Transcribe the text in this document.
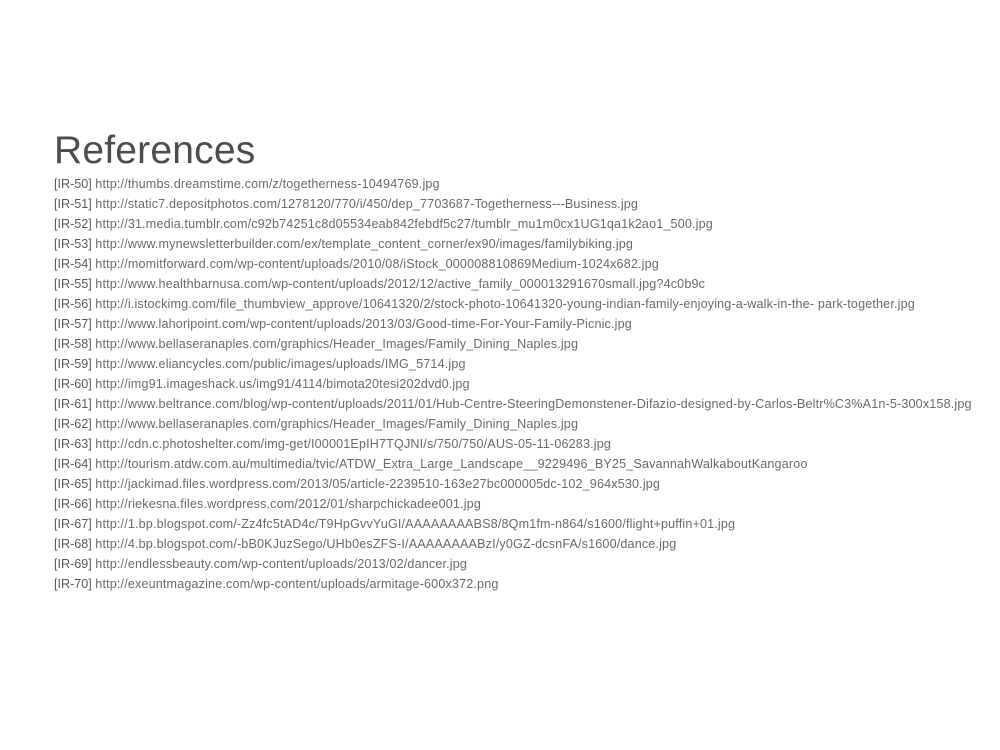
References
[IR-50] http://thumbs.dreamstime.com/z/togetherness-10494769.jpg
[IR-51] http://static7.depositphotos.com/1278120/770/i/450/dep_7703687-Togetherness---Business.jpg
[IR-52] http://31.media.tumblr.com/c92b74251c8d05534eab842febdf5c27/tumblr_mu1m0cx1UG1qa1k2ao1_500.jpg
[IR-53] http://www.mynewsletterbuilder.com/ex/template_content_corner/ex90/images/familybiking.jpg
[IR-54] http://momitforward.com/wp-content/uploads/2010/08/iStock_000008810869Medium-1024x682.jpg
[IR-55] http://www.healthbarnusa.com/wp-content/uploads/2012/12/active_family_000013291670small.jpg?4c0b9c
[IR-56] http://i.istockimg.com/file_thumbview_approve/10641320/2/stock-photo-10641320-young-indian-family-enjoying-a-walk-in-the- park-together.jpg
[IR-57] http://www.lahoripoint.com/wp-content/uploads/2013/03/Good-time-For-Your-Family-Picnic.jpg
[IR-58] http://www.bellaseranaples.com/graphics/Header_Images/Family_Dining_Naples.jpg
[IR-59] http://www.eliancycles.com/public/images/uploads/IMG_5714.jpg
[IR-60] http://img91.imageshack.us/img91/4114/bimota20tesi202dvd0.jpg
[IR-61] http://www.beltrance.com/blog/wp-content/uploads/2011/01/Hub-Centre-SteeringDemonstener-Difazio-designed-by-Carlos-Beltr%C3%A1n-5-300x158.jpg
[IR-62] http://www.bellaseranaples.com/graphics/Header_Images/Family_Dining_Naples.jpg
[IR-63] http://cdn.c.photoshelter.com/img-get/I00001EpIH7TQJNI/s/750/750/AUS-05-11-06283.jpg
[IR-64] http://tourism.atdw.com.au/multimedia/tvic/ATDW_Extra_Large_Landscape__9229496_BY25_SavannahWalkaboutKangaroo
[IR-65] http://jackimad.files.wordpress.com/2013/05/article-2239510-163e27bc000005dc-102_964x530.jpg
[IR-66] http://riekesna.files.wordpress.com/2012/01/sharpchickadee001.jpg
[IR-67] http://1.bp.blogspot.com/-Zz4fc5tAD4c/T9HpGvvYuGI/AAAAAAAABS8/8Qm1fm-n864/s1600/flight+puffin+01.jpg
[IR-68] http://4.bp.blogspot.com/-bB0KJuzSego/UHb0esZFS-I/AAAAAAAABzI/y0GZ-dcsnFA/s1600/dance.jpg
[IR-69] http://endlessbeauty.com/wp-content/uploads/2013/02/dancer.jpg
[IR-70] http://exeuntmagazine.com/wp-content/uploads/armitage-600x372.png
